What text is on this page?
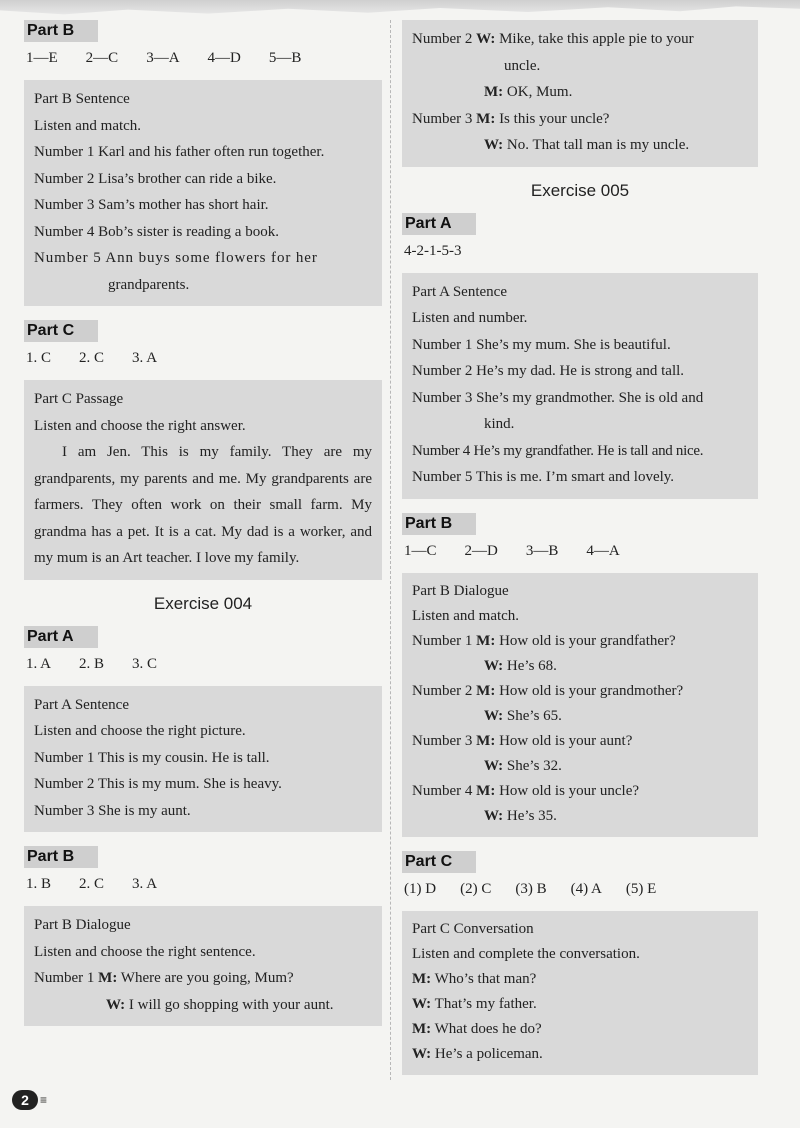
Part B
1—E 2—C 3—A 4—D 5—B

Part B Sentence

Listen and match.

Number 1 Karl and his father often run together.

Number 2 Lisa’s brother can ride a bike.

Number 3 Sam’s mother has short hair.

Number 4 Bob’s sister is reading a book.

Number 5 Ann buys some flowers for her

grandparents.

Part C
1. C 2. C 3. A

Part C Passage

Listen and choose the right answer.

I am Jen. This is my family. They are my grandparents, my parents and me. My grandparents are farmers. They often work on their small farm. My grandma has a pet. It is a cat. My dad is a worker, and my mum is an Art teacher. I love my family.

Exercise 004
Part A
1. A 2. B 3. C

Part A Sentence

Listen and choose the right picture.

Number 1 This is my cousin. He is tall.

Number 2 This is my mum. She is heavy.

Number 3 She is my aunt.

Part B
1. B 2. C 3. A

Part B Dialogue

Listen and choose the right sentence.

Number 1 M: Where are you going, Mum?

W: I will go shopping with your aunt.

Number 2 W: Mike, take this apple pie to your

uncle.

M: OK, Mum.

Number 3 M: Is this your uncle?

W: No. That tall man is my uncle.

Exercise 005
Part A
4-2-1-5-3

Part A Sentence

Listen and number.

Number 1 She’s my mum. She is beautiful.

Number 2 He’s my dad. He is strong and tall.

Number 3 She’s my grandmother. She is old and

kind.

Number 4 He’s my grandfather. He is tall and nice.

Number 5 This is me. I’m smart and lovely.

Part B
1—C 2—D 3—B 4—A

Part B Dialogue

Listen and match.

Number 1 M: How old is your grandfather?

W: He’s 68.

Number 2 M: How old is your grandmother?

W: She’s 65.

Number 3 M: How old is your aunt?

W: She’s 32.

Number 4 M: How old is your uncle?

W: He’s 35.

Part C
(1) D (2) C (3) B (4) A (5) E

Part C Conversation

Listen and complete the conversation.

M: Who’s that man?

W: That’s my father.

M: What does he do?

W: He’s a policeman.

2 ≡
